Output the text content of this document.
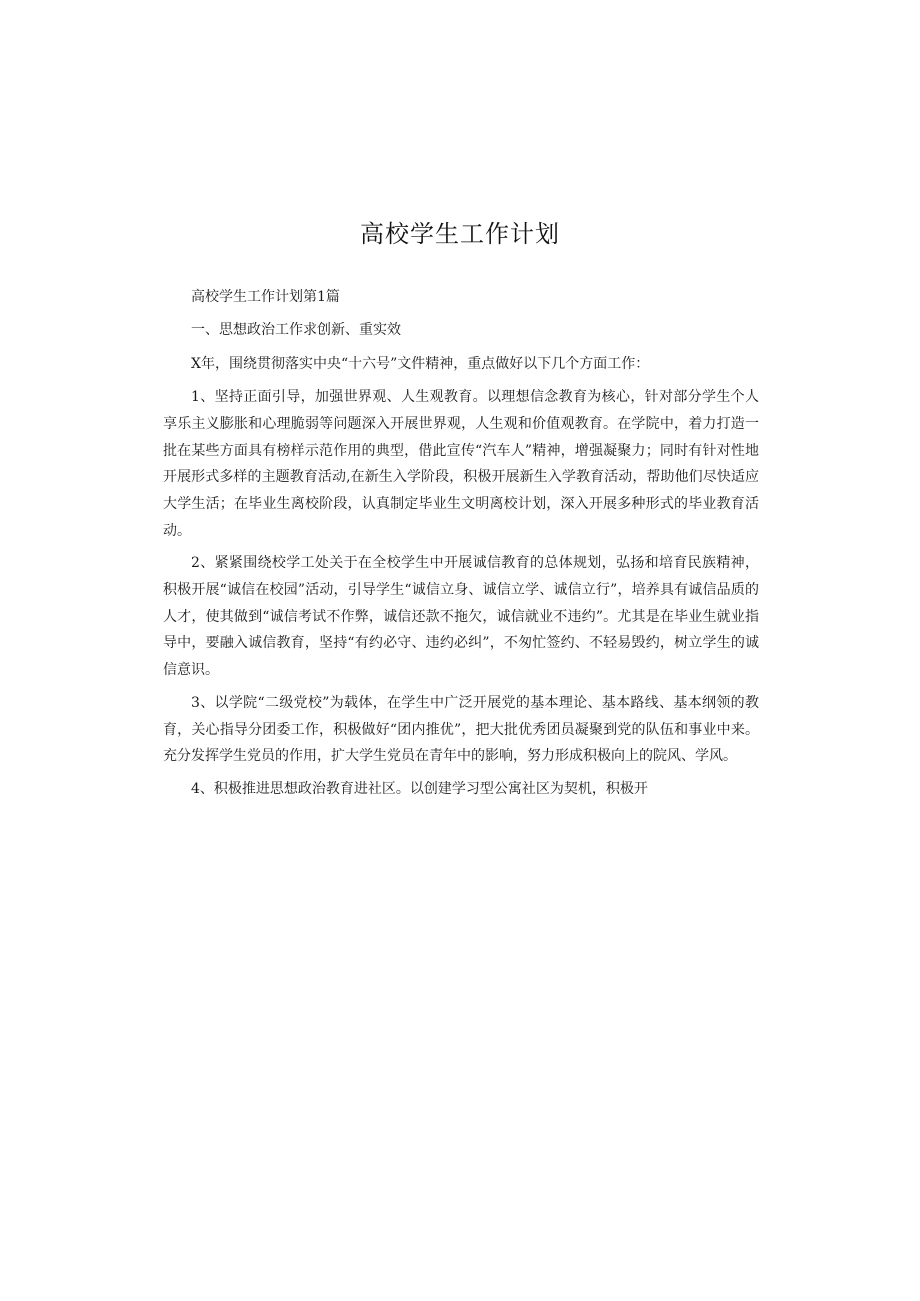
高校学生工作计划

高校学生工作计划第1篇

一、思想政治工作求创新、重实效

X年，围绕贯彻落实中央“十六号”文件精神，重点做好以下几个方面工作：

1、坚持正面引导，加强世界观、人生观教育。以理想信念教育为核心，针对部分学生个人享乐主义膨胀和心理脆弱等问题深入开展世界观，人生观和价值观教育。在学院中，着力打造一批在某些方面具有榜样示范作用的典型，借此宣传“汽车人”精神，增强凝聚力；同时有针对性地开展形式多样的主题教育活动,在新生入学阶段，积极开展新生入学教育活动，帮助他们尽快适应大学生活；在毕业生离校阶段，认真制定毕业生文明离校计划，深入开展多种形式的毕业教育活动。

2、紧紧围绕校学工处关于在全校学生中开展诚信教育的总体规划，弘扬和培育民族精神，积极开展“诚信在校园”活动，引导学生“诚信立身、诚信立学、诚信立行”，培养具有诚信品质的人才，使其做到“诚信考试不作弊，诚信还款不拖欠，诚信就业不违约”。尤其是在毕业生就业指导中，要融入诚信教育，坚持“有约必守、违约必纠”，不匆忙签约、不轻易毁约，树立学生的诚信意识。

3、以学院“二级党校”为载体，在学生中广泛开展党的基本理论、基本路线、基本纲领的教育，关心指导分团委工作，积极做好“团内推优”，把大批优秀团员凝聚到党的队伍和事业中来。充分发挥学生党员的作用，扩大学生党员在青年中的影响，努力形成积极向上的院风、学风。

4、积极推进思想政治教育进社区。以创建学习型公寓社区为契机，积极开
